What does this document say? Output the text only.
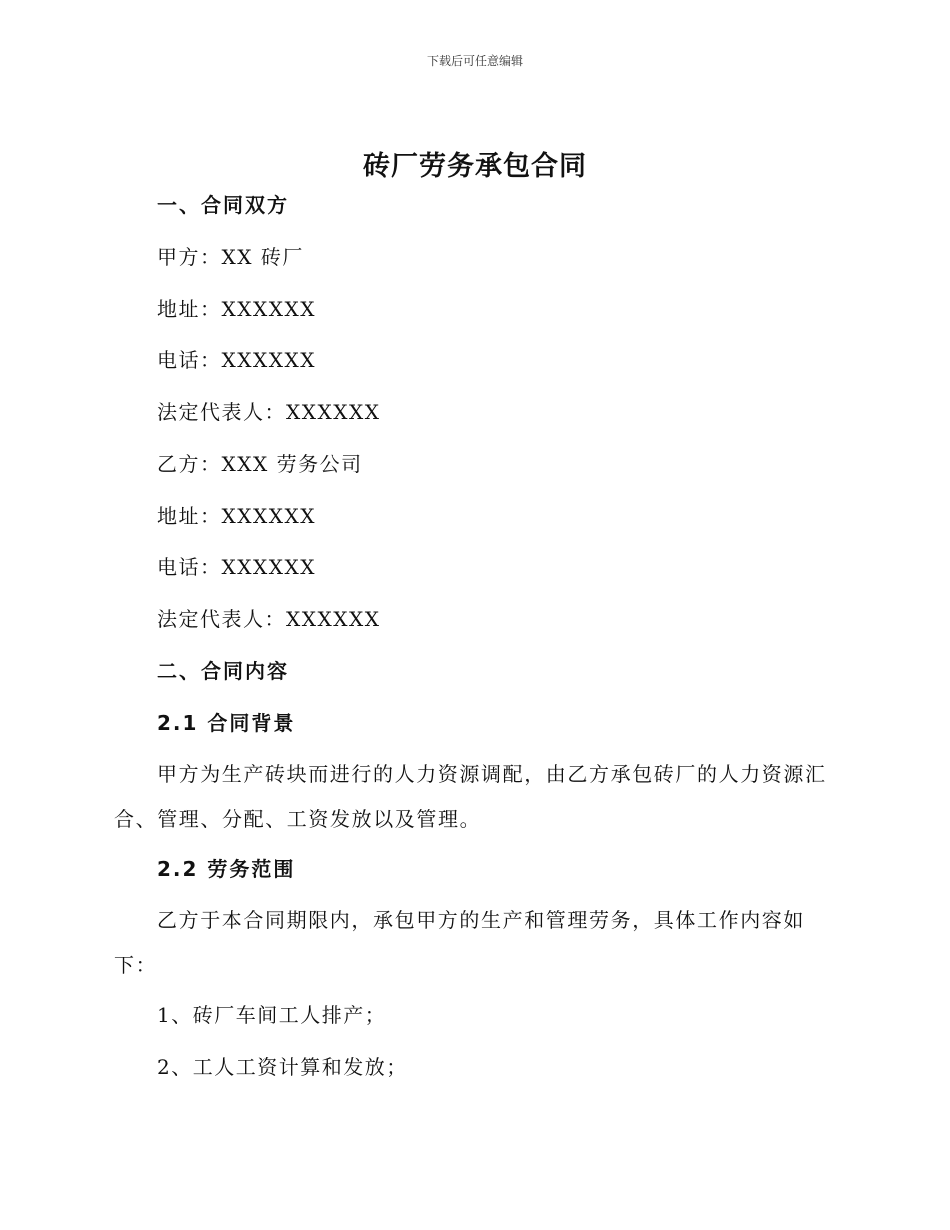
下载后可任意编辑
砖厂劳务承包合同
一、合同双方
甲方：XX 砖厂
地址：XXXXXX
电话：XXXXXX
法定代表人：XXXXXX
乙方：XXX 劳务公司
地址：XXXXXX
电话：XXXXXX
法定代表人：XXXXXX
二、合同内容
2.1 合同背景

甲方为生产砖块而进行的人力资源调配，由乙方承包砖厂的人力资源汇合、管理、分配、工资发放以及管理。

2.2 劳务范围

乙方于本合同期限内，承包甲方的生产和管理劳务，具体工作内容如下：

1、砖厂车间工人排产；
2、工人工资计算和发放；
